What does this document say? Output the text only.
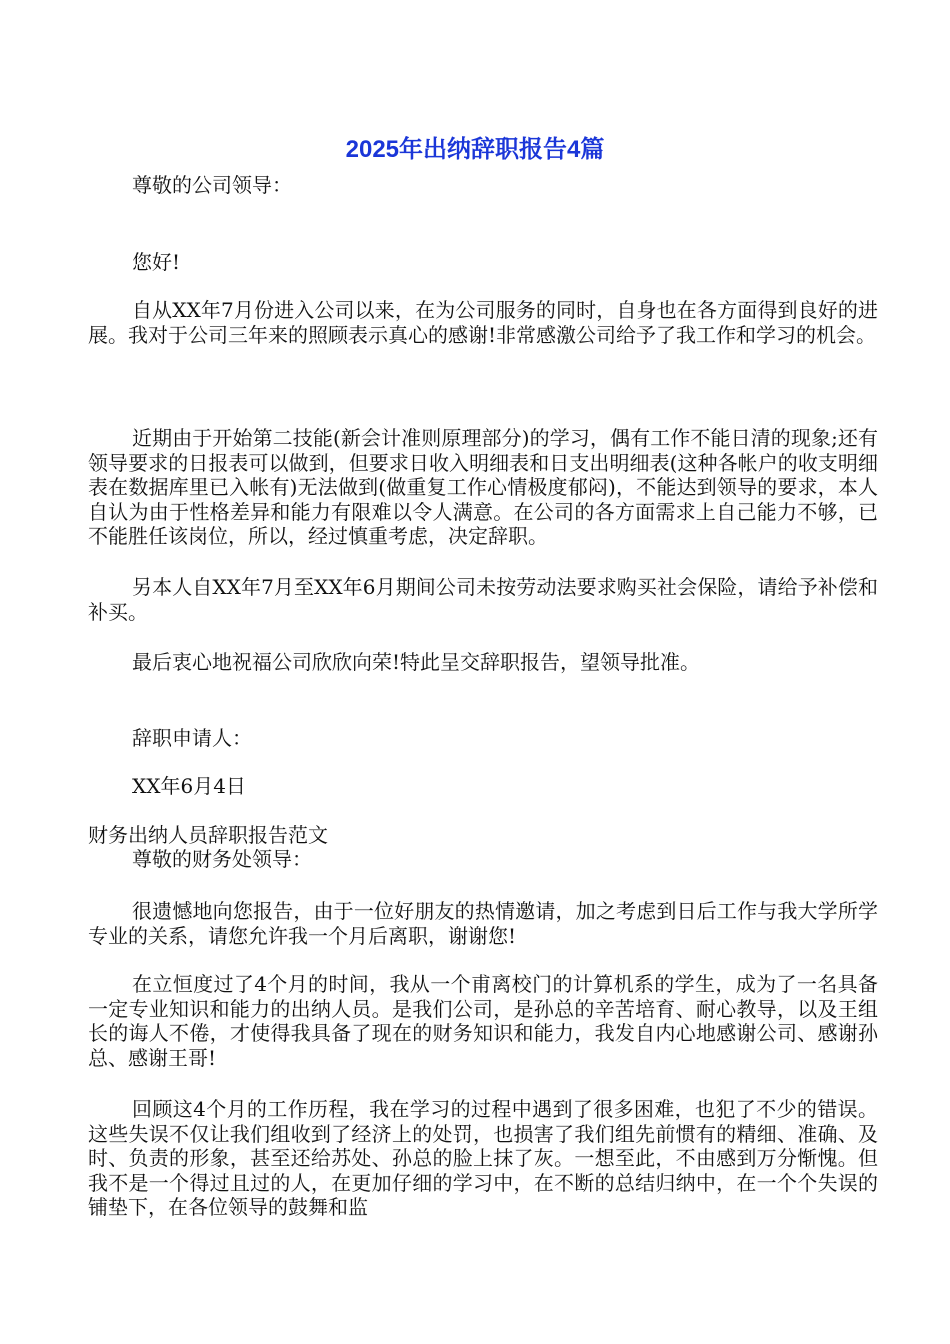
2025年出纳辞职报告4篇

尊敬的公司领导：

您好!

自从XX年7月份进入公司以来，在为公司服务的同时，自身也在各方面得到良好的进展。我对于公司三年来的照顾表示真心的感谢!非常感激公司给予了我工作和学习的机会。

近期由于开始第二技能(新会计准则原理部分)的学习，偶有工作不能日清的现象;还有领导要求的日报表可以做到，但要求日收入明细表和日支出明细表(这种各帐户的收支明细表在数据库里已入帐有)无法做到(做重复工作心情极度郁闷)，不能达到领导的要求，本人自认为由于性格差异和能力有限难以令人满意。在公司的各方面需求上自己能力不够，已不能胜任该岗位，所以，经过慎重考虑，决定辞职。

另本人自XX年7月至XX年6月期间公司未按劳动法要求购买社会保险，请给予补偿和补买。

最后衷心地祝福公司欣欣向荣!特此呈交辞职报告，望领导批准。

辞职申请人：

XX年6月4日

财务出纳人员辞职报告范文

尊敬的财务处领导：

很遗憾地向您报告，由于一位好朋友的热情邀请，加之考虑到日后工作与我大学所学专业的关系，请您允许我一个月后离职，谢谢您!

在立恒度过了4个月的时间，我从一个甫离校门的计算机系的学生，成为了一名具备一定专业知识和能力的出纳人员。是我们公司，是孙总的辛苦培育、耐心教导，以及王组长的诲人不倦，才使得我具备了现在的财务知识和能力，我发自内心地感谢公司、感谢孙总、感谢王哥!

回顾这4个月的工作历程，我在学习的过程中遇到了很多困难，也犯了不少的错误。这些失误不仅让我们组收到了经济上的处罚，也损害了我们组先前惯有的精细、准确、及时、负责的形象，甚至还给苏处、孙总的脸上抹了灰。一想至此，不由感到万分惭愧。但我不是一个得过且过的人，在更加仔细的学习中，在不断的总结归纳中，在一个个失误的铺垫下，在各位领导的鼓舞和监
